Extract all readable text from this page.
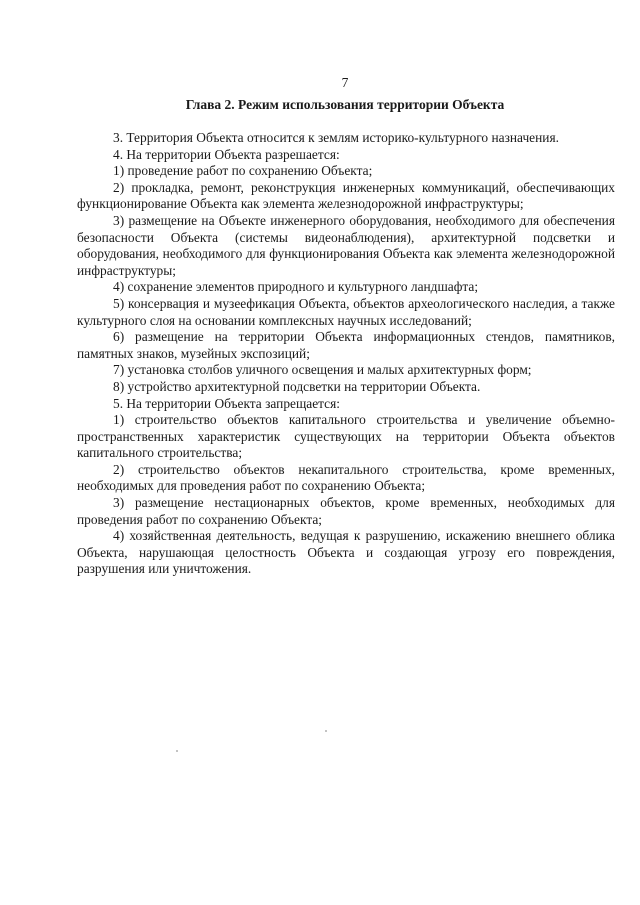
7
Глава 2. Режим использования территории Объекта

3. Территория Объекта относится к землям историко-культурного назначения.

4. На территории Объекта разрешается:

1) проведение работ по сохранению Объекта;

2) прокладка, ремонт, реконструкция инженерных коммуникаций, обеспечивающих функционирование Объекта как элемента железнодорожной инфраструктуры;

3) размещение на Объекте инженерного оборудования, необходимого для обеспечения безопасности Объекта (системы видеонаблюдения), архитектурной подсветки и оборудования, необходимого для функционирования Объекта как элемента железнодорожной инфраструктуры;

4) сохранение элементов природного и культурного ландшафта;

5) консервация и музеефикация Объекта, объектов археологического наследия, а также культурного слоя на основании комплексных научных исследований;

6) размещение на территории Объекта информационных стендов, памятников, памятных знаков, музейных экспозиций;

7) установка столбов уличного освещения и малых архитектурных форм;

8) устройство архитектурной подсветки на территории Объекта.

5. На территории Объекта запрещается:

1) строительство объектов капитального строительства и увеличение объемно-пространственных характеристик существующих на территории Объекта объектов капитального строительства;

2) строительство объектов некапитального строительства, кроме временных, необходимых для проведения работ по сохранению Объекта;

3) размещение нестационарных объектов, кроме временных, необходимых для проведения работ по сохранению Объекта;

4) хозяйственная деятельность, ведущая к разрушению, искажению внешнего облика Объекта, нарушающая целостность Объекта и создающая угрозу его повреждения, разрушения или уничтожения.
